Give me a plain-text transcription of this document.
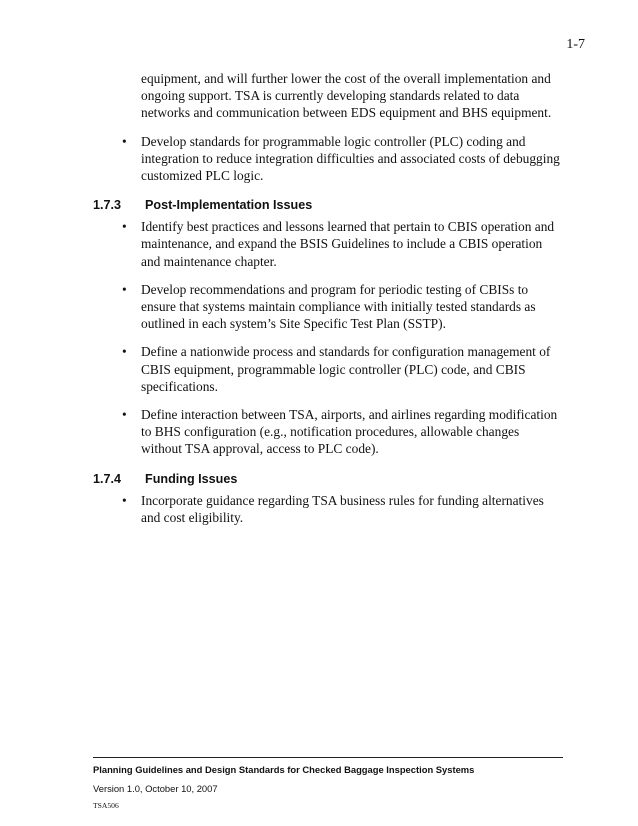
1-7

equipment, and will further lower the cost of the overall implementation and ongoing support. TSA is currently developing standards related to data networks and communication between EDS equipment and BHS equipment.

• Develop standards for programmable logic controller (PLC) coding and integration to reduce integration difficulties and associated costs of debugging customized PLC logic.
1.7.3	Post-Implementation Issues
• Identify best practices and lessons learned that pertain to CBIS operation and maintenance, and expand the BSIS Guidelines to include a CBIS operation and maintenance chapter.
• Develop recommendations and program for periodic testing of CBISs to ensure that systems maintain compliance with initially tested standards as outlined in each system’s Site Specific Test Plan (SSTP).
• Define a nationwide process and standards for configuration management of CBIS equipment, programmable logic controller (PLC) code, and CBIS specifications.
• Define interaction between TSA, airports, and airlines regarding modification to BHS configuration (e.g., notification procedures, allowable changes without TSA approval, access to PLC code).
1.7.4	Funding Issues
• Incorporate guidance regarding TSA business rules for funding alternatives and cost eligibility.
Planning Guidelines and Design Standards for Checked Baggage Inspection Systems
Version 1.0, October 10, 2007
TSA506
